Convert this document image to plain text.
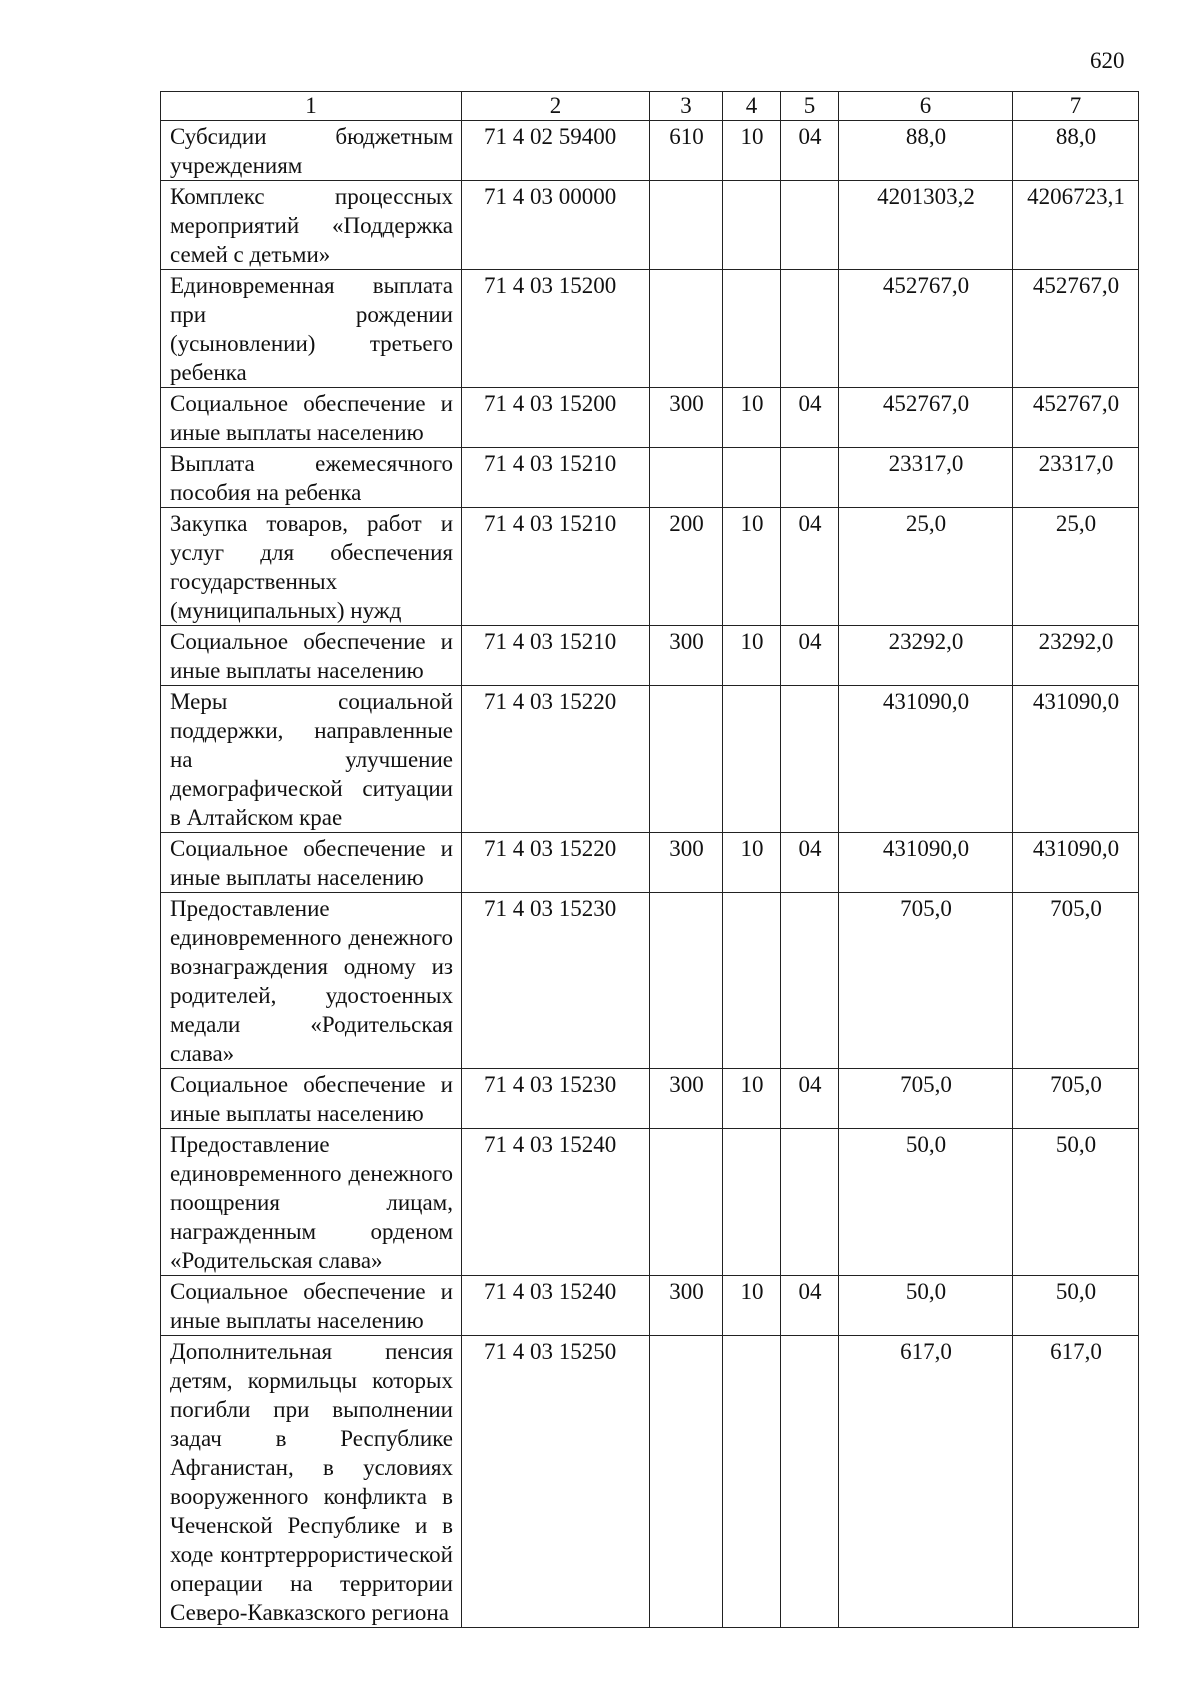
620
1	2	3	4	5	6	7
Субсидии бюджетным учреждениям	71 4 02 59400	610	10	04	88,0	88,0
Комплекс процессных мероприятий «Поддержка семей с детьми»	71 4 03 00000				4201303,2	4206723,1
Единовременная выплата при рождении (усыновлении) третьего ребенка	71 4 03 15200				452767,0	452767,0
Социальное обеспечение и иные выплаты населению	71 4 03 15200	300	10	04	452767,0	452767,0
Выплата ежемесячного пособия на ребенка	71 4 03 15210				23317,0	23317,0
Закупка товаров, работ и услуг для обеспечения государственных (муниципальных) нужд	71 4 03 15210	200	10	04	25,0	25,0
Социальное обеспечение и иные выплаты населению	71 4 03 15210	300	10	04	23292,0	23292,0
Меры социальной поддержки, направленные на улучшение демографической ситуации в Алтайском крае	71 4 03 15220				431090,0	431090,0
Социальное обеспечение и иные выплаты населению	71 4 03 15220	300	10	04	431090,0	431090,0
Предоставление единовременного денежного вознаграждения одному из родителей, удостоенных медали «Родительская слава»	71 4 03 15230				705,0	705,0
Социальное обеспечение и иные выплаты населению	71 4 03 15230	300	10	04	705,0	705,0
Предоставление единовременного денежного поощрения лицам, награжденным орденом «Родительская слава»	71 4 03 15240				50,0	50,0
Социальное обеспечение и иные выплаты населению	71 4 03 15240	300	10	04	50,0	50,0
Дополнительная пенсия детям, кормильцы которых погибли при выполнении задач в Республике Афганистан, в условиях вооруженного конфликта в Чеченской Республике и в ходе контртеррористической операции на территории Северо-Кавказского региона	71 4 03 15250				617,0	617,0
